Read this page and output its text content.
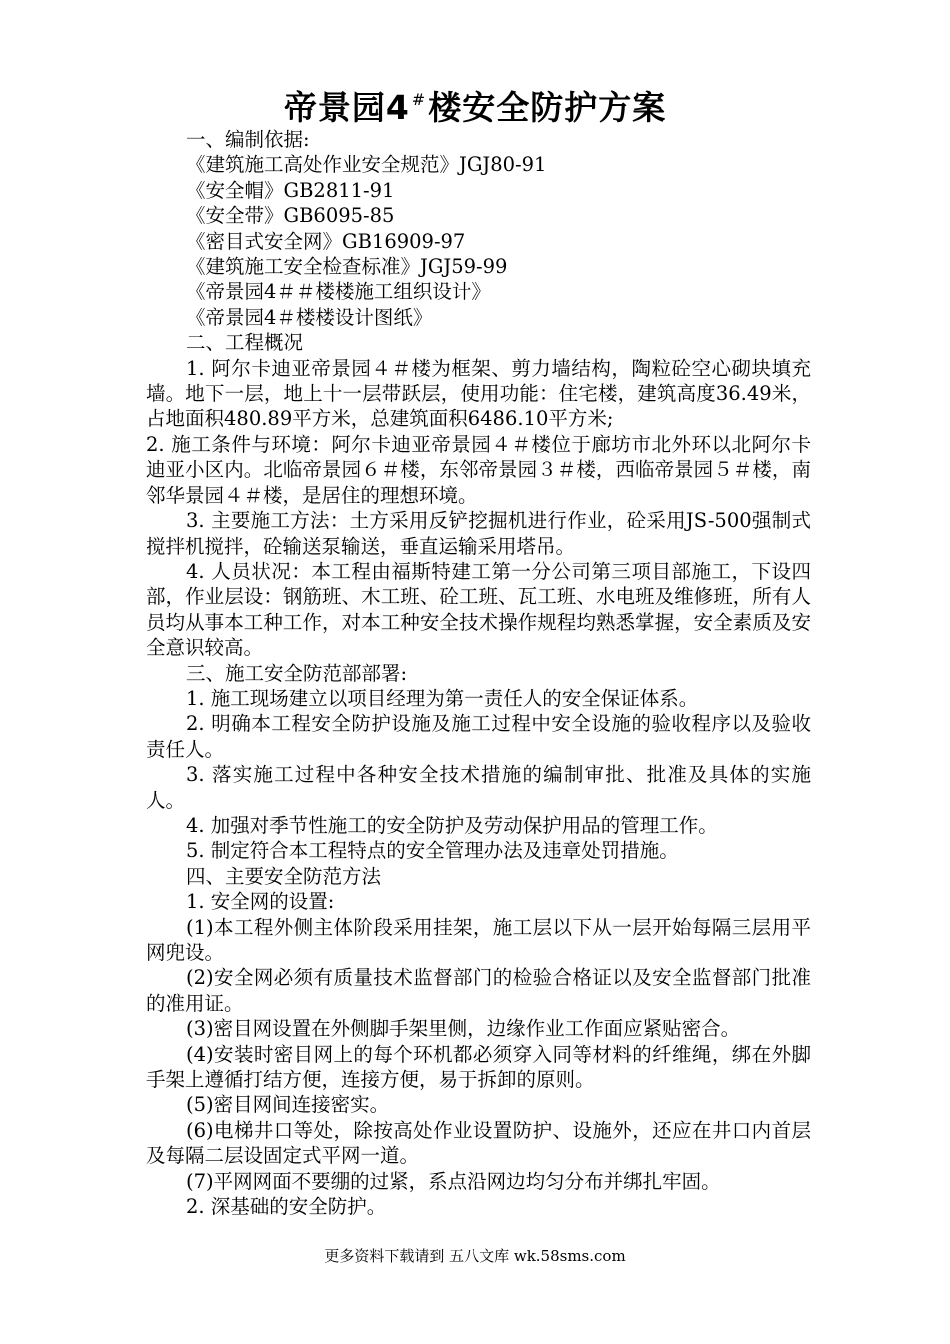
帝景园4 #楼安全防护方案

一、编制依据:

《建筑施工高处作业安全规范》JGJ80-91

《安全帽》GB2811-91

《安全带》GB6095-85

《密目式安全网》GB16909-97

《建筑施工安全检查标准》JGJ59-99

《帝景园4＃＃楼楼施工组织设计》

《帝景园4＃楼楼设计图纸》

二、工程概况

1. 阿尔卡迪亚帝景园４＃楼为框架、剪力墙结构，陶粒砼空心砌块填充墙。地下一层，地上十一层带跃层，使用功能：住宅楼，建筑高度36.49米，占地面积480.89平方米，总建筑面积6486.10平方米;

2. 施工条件与环境：阿尔卡迪亚帝景园４＃楼位于廊坊市北外环以北阿尔卡迪亚小区内。北临帝景园６＃楼，东邻帝景园３＃楼，西临帝景园５＃楼，南邻华景园４＃楼，是居住的理想环境。

3. 主要施工方法：土方采用反铲挖掘机进行作业，砼采用JS-500强制式搅拌机搅拌，砼输送泵输送，垂直运输采用塔吊。

4. 人员状况：本工程由福斯特建工第一分公司第三项目部施工，下设四部，作业层设：钢筋班、木工班、砼工班、瓦工班、水电班及维修班，所有人员均从事本工种工作，对本工种安全技术操作规程均熟悉掌握，安全素质及安全意识较高。

三、施工安全防范部部署:

1. 施工现场建立以项目经理为第一责任人的安全保证体系。

2. 明确本工程安全防护设施及施工过程中安全设施的验收程序以及验收责任人。

3. 落实施工过程中各种安全技术措施的编制审批、批准及具体的实施人。

4. 加强对季节性施工的安全防护及劳动保护用品的管理工作。

5. 制定符合本工程特点的安全管理办法及违章处罚措施。

四、主要安全防范方法

1. 安全网的设置:

(1)本工程外侧主体阶段采用挂架，施工层以下从一层开始每隔三层用平网兜设。

(2)安全网必须有质量技术监督部门的检验合格证以及安全监督部门批准的准用证。

(3)密目网设置在外侧脚手架里侧，边缘作业工作面应紧贴密合。

(4)安装时密目网上的每个环机都必须穿入同等材料的纤维绳，绑在外脚手架上遵循打结方便，连接方便，易于拆卸的原则。

(5)密目网间连接密实。

(6)电梯井口等处，除按高处作业设置防护、设施外，还应在井口内首层及每隔二层设固定式平网一道。

(7)平网网面不要绷的过紧，系点沿网边均匀分布并绑扎牢固。

2. 深基础的安全防护。

更多资料下载请到 五八文库 wk.58sms.com
